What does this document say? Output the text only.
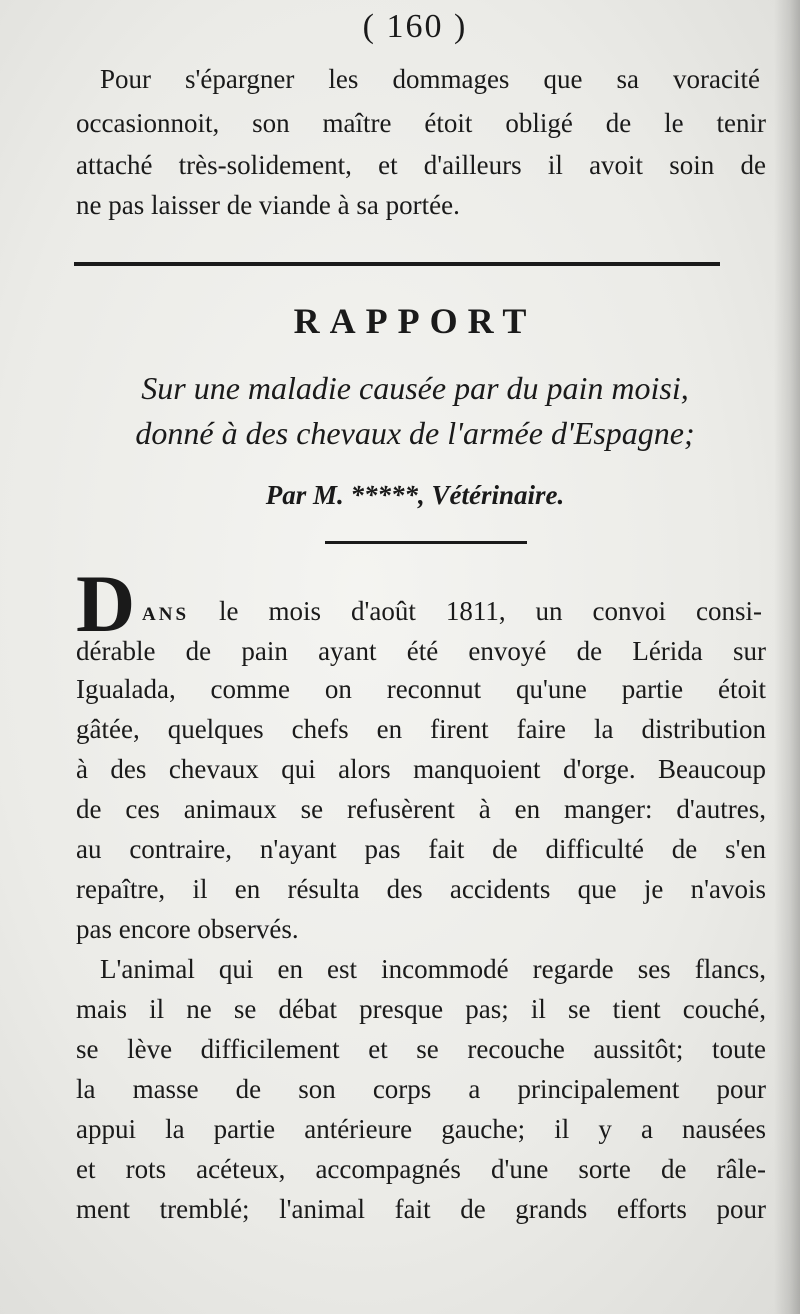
( 160 )
Pour s'épargner les dommages que sa voracité
occasionnoit, son maître étoit obligé de le tenir
attaché très-solidement, et d'ailleurs il avoit soin de
ne pas laisser de viande à sa portée.
RAPPORT
Sur une maladie causée par du pain moisi,
donné à des chevaux de l'armée d'Espagne;
Par M. *****, Vétérinaire.
D ANS le mois d'août 1811, un convoi consi-
dérable de pain ayant été envoyé de Lérida sur
Igualada, comme on reconnut qu'une partie étoit
gâtée, quelques chefs en firent faire la distribution
à des chevaux qui alors manquoient d'orge. Beaucoup
de ces animaux se refusèrent à en manger: d'autres,
au contraire, n'ayant pas fait de difficulté de s'en
repaître, il en résulta des accidents que je n'avois
pas encore observés.
L'animal qui en est incommodé regarde ses flancs,
mais il ne se débat presque pas; il se tient couché,
se lève difficilement et se recouche aussitôt; toute
la masse de son corps a principalement pour
appui la partie antérieure gauche; il y a nausées
et rots acéteux, accompagnés d'une sorte de râle-
ment tremblé; l'animal fait de grands efforts pour
